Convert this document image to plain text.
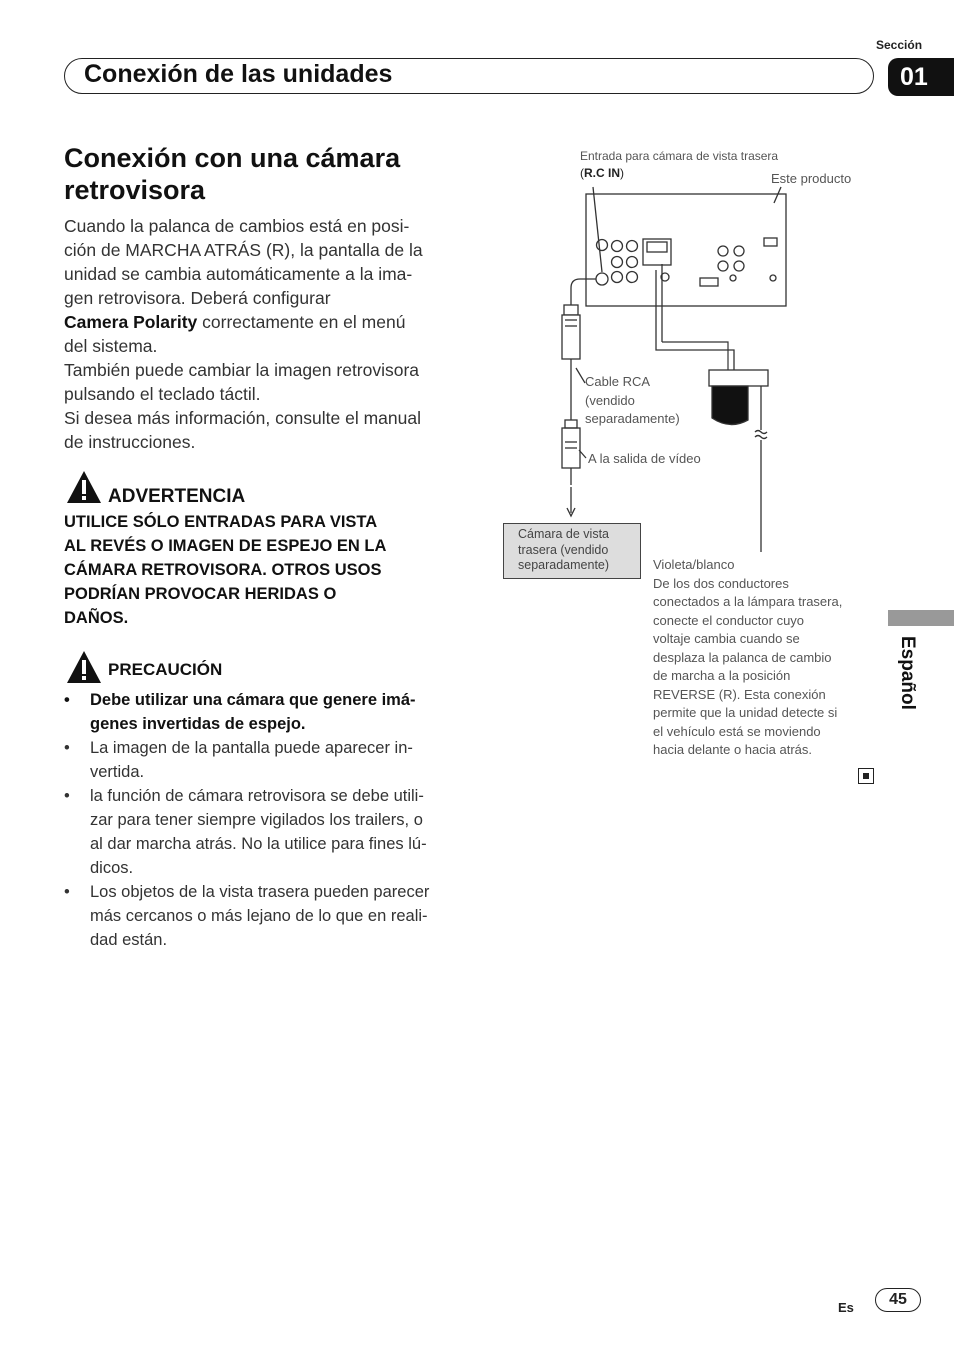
Sección
Conexión de las unidades	01
Conexión con una cámara
retrovisora

Cuando la palanca de cambios está en posi-

ción de MARCHA ATRÁS (R), la pantalla de la

unidad se cambia automáticamente a la ima-

gen retrovisora. Deberá configurar

Camera Polarity correctamente en el menú

del sistema.

También puede cambiar la imagen retrovisora

pulsando el teclado táctil.

Si desea más información, consulte el manual

de instrucciones.

ADVERTENCIA
UTILICE SÓLO ENTRADAS PARA VISTA
AL REVÉS O IMAGEN DE ESPEJO EN LA
CÁMARA RETROVISORA. OTROS USOS
PODRÍAN PROVOCAR HERIDAS O
DAÑOS.
PRECAUCIÓN
• Debe utilizar una cámara que genere imá-
genes invertidas de espejo.
• La imagen de la pantalla puede aparecer in-
vertida.
• la función de cámara retrovisora se debe utili-
zar para tener siempre vigilados los trailers, o
al dar marcha atrás. No la utilice para fines lú-
dicos.
• Los objetos de la vista trasera pueden parecer
más cercanos o más lejano de lo que en reali-
dad están.
Entrada para cámara de vista trasera
(R.C IN)	Este producto
Cable RCA
(vendido
separadamente)
A la salida de vídeo
Cámara de vista
trasera (vendido
separadamente)	Violeta/blanco
De los dos conductores
conectados a la lámpara trasera,
conecte el conductor cuyo
voltaje cambia cuando se
desplaza la palanca de cambio
de marcha a la posición
REVERSE (R). Esta conexión
permite que la unidad detecte si
el vehículo está se moviendo
hacia delante o hacia atrás.
Español
Es	45
